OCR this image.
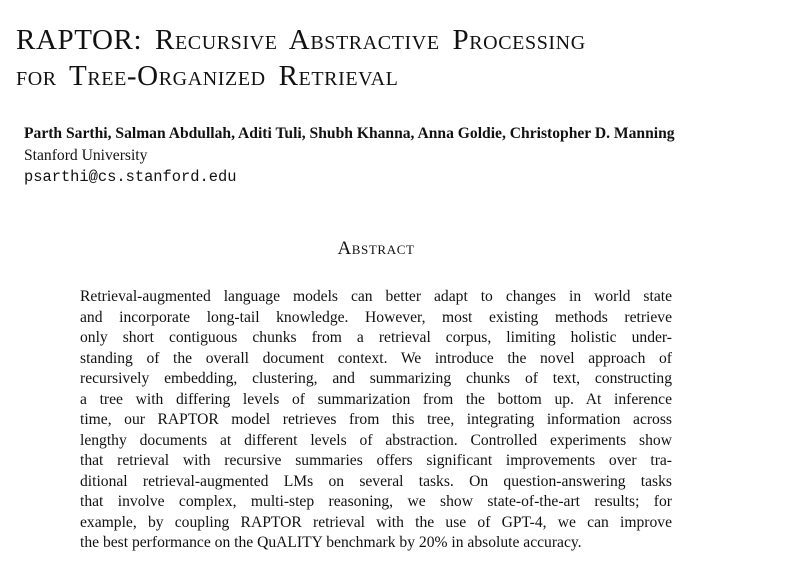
RAPTOR: Recursive Abstractive Processing
for Tree-Organized Retrieval

Parth Sarthi, Salman Abdullah, Aditi Tuli, Shubh Khanna, Anna Goldie, Christopher D. Manning

Stanford University

psarthi@cs.stanford.edu

Abstract
Retrieval-augmented language models can better adapt to changes in world state
and incorporate long-tail knowledge. However, most existing methods retrieve
only short contiguous chunks from a retrieval corpus, limiting holistic under-
standing of the overall document context. We introduce the novel approach of
recursively embedding, clustering, and summarizing chunks of text, constructing
a tree with differing levels of summarization from the bottom up. At inference
time, our RAPTOR model retrieves from this tree, integrating information across
lengthy documents at different levels of abstraction. Controlled experiments show
that retrieval with recursive summaries offers significant improvements over tra-
ditional retrieval-augmented LMs on several tasks. On question-answering tasks
that involve complex, multi-step reasoning, we show state-of-the-art results; for
example, by coupling RAPTOR retrieval with the use of GPT-4, we can improve
the best performance on the QuALITY benchmark by 20% in absolute accuracy.
